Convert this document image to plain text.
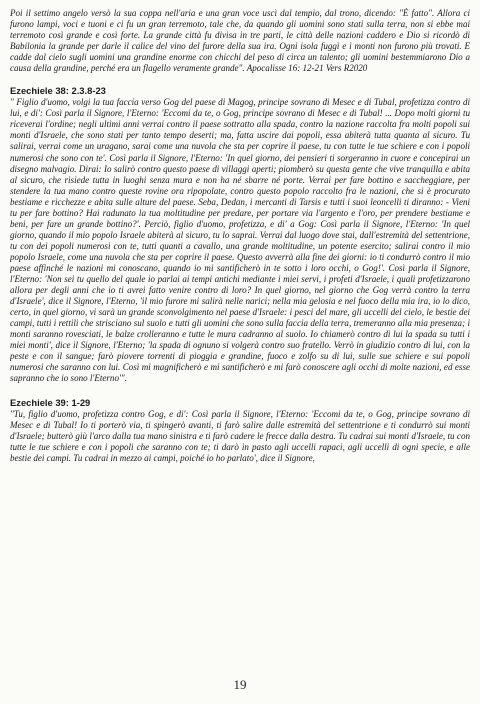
Poi il settimo angelo versò la sua coppa nell'aria e una gran voce uscì dal tempio, dal trono, dicendo: "È fatto". Allora ci furono lampi, voci e tuoni e ci fu un gran terremoto, tale che, da quando gli uomini sono stati sulla terra, non si ebbe mai terremoto così grande e così forte. La grande città fu divisa in tre parti, le città delle nazioni caddero e Dio si ricordò di Babilonia la grande per darle il calice del vino del furore della sua ira. Ogni isola fuggì e i monti non furono più trovati. E cadde dal cielo sugli uomini una grandine enorme con chicchi del peso di circa un talento; gli uomini bestemmiarono Dio a causa della grandine, perché era un flagello veramente grande". Apocalisse 16: 12-21 Vers R2020

Ezechiele 38: 2.3.8-23

" Figlio d'uomo, volgi la tua faccia verso Gog del paese di Magog, principe sovrano di Mesec e di Tubal, profetizza contro di lui, e di': Così parla il Signore, l'Eterno: 'Eccomi da te, o Gog, principe sovrano di Mesec e di Tubal! ... Dopo molti giorni tu riceverai l'ordine; negli ultimi anni verrai contro il paese sottratto alla spada, contro la nazione raccolta fra molti popoli sui monti d'Israele, che sono stati per tanto tempo deserti; ma, fatta uscire dai popoli, essa abiterà tutta quanta al sicuro. Tu salirai, verrai come un uragano, sarai come una nuvola che sta per coprire il paese, tu con tutte le tue schiere e con i popoli numerosi che sono con te'. Così parla il Signore, l'Eterno: 'In quel giorno, dei pensieri ti sorgeranno in cuore e concepirai un disegno malvagio. Dirai: Io salirò contro questo paese di villaggi aperti; piomberò su questa gente che vive tranquilla e abita al sicuro, che risiede tutta in luoghi senza mura e non ha né sbarre né porte. Verrai per fare bottino e saccheggiare, per stendere la tua mano contro queste rovine ora ripopolate, contro questo popolo raccolto fra le nazioni, che si è procurato bestiame e ricchezze e abita sulle alture del paese. Seba, Dedan, i mercanti di Tarsis e tutti i suoi leoncelli ti diranno: - Vieni tu per fare bottino? Hai radunato la tua moltitudine per predare, per portare via l'argento e l'oro, per prendere bestiame e beni, per fare un grande bottino?'. Perciò, figlio d'uomo, profetizza, e di' a Gog: Così parla il Signore, l'Eterno: 'In quel giorno, quando il mio popolo Israele abiterà al sicuro, tu lo saprai. Verrai dal luogo dove stai, dall'estremità del settentrione, tu con dei popoli numerosi con te, tutti quanti a cavallo, una grande moltitudine, un potente esercito; salirai contro il mio popolo Israele, come una nuvola che sta per coprire il paese. Questo avverrà alla fine dei giorni: io ti condurrò contro il mio paese affinché le nazioni mi conoscano, quando io mi santificherò in te sotto i loro occhi, o Gog!'. Così parla il Signore, l'Eterno: 'Non sei tu quello del quale io parlai ai tempi antichi mediante i miei servi, i profeti d'Israele, i quali profetizzarono allora per degli anni che io ti avrei fatto venire contro di loro? In quel giorno, nel giorno che Gog verrà contro la terra d'Israele', dice il Signore, l'Eterno, 'il mio furore mi salirà nelle narici; nella mia gelosia e nel fuoco della mia ira, io lo dico, certo, in quel giorno, vi sarà un grande sconvolgimento nel paese d'Israele: i pesci del mare, gli uccelli del cielo, le bestie dei campi, tutti i rettili che strisciano sul suolo e tutti gli uomini che sono sulla faccia della terra, tremeranno alla mia presenza; i monti saranno rovesciati, le balze crolleranno e tutte le mura cadranno al suolo. Io chiamerò contro di lui la spada su tutti i miei monti', dice il Signore, l'Eterno; 'la spada di ognuno si volgerà contro suo fratello. Verrò in giudizio contro di lui, con la peste e con il sangue; farò piovere torrenti di pioggia e grandine, fuoco e zolfo su di lui, sulle sue schiere e sui popoli numerosi che saranno con lui. Così mi magnificherò e mi santificherò e mi farò conoscere agli occhi di molte nazioni, ed esse sapranno che io sono l'Eterno'".

Ezechiele 39: 1-29

"Tu, figlio d'uomo, profetizza contro Gog, e di': Così parla il Signore, l'Eterno: 'Eccomi da te, o Gog, principe sovrano di Mesec e di Tubal! Io ti porterò via, ti spingerò avanti, ti farò salire dalle estremità del settentrione e ti condurrò sui monti d'Israele; butterò giù l'arco dalla tua mano sinistra e ti farò cadere le frecce dalla destra. Tu cadrai sui monti d'Israele, tu con tutte le tue schiere e con i popoli che saranno con te; ti darò in pasto agli uccelli rapaci, agli uccelli di ogni specie, e alle bestie dei campi. Tu cadrai in mezzo ai campi, poiché io ho parlato', dice il Signore,

19
